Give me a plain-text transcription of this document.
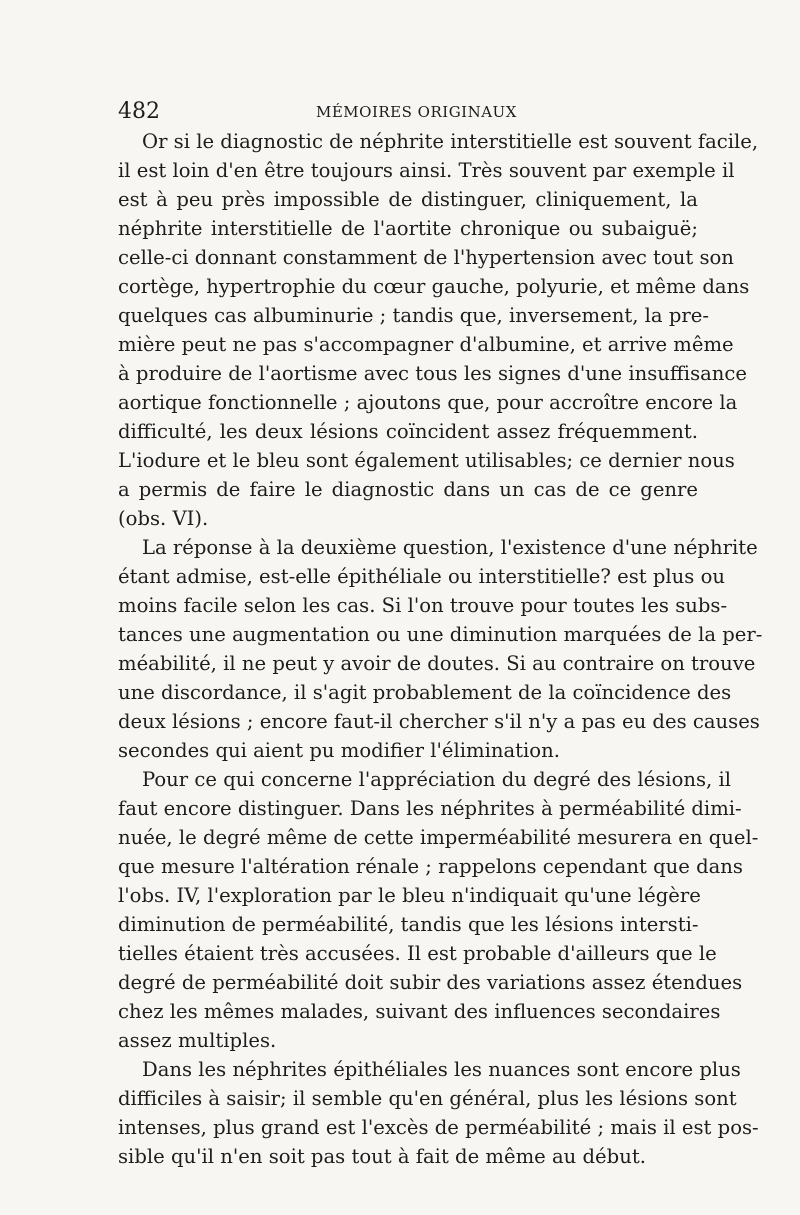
482	MÉMOIRES ORIGINAUX

Or si le diagnostic de néphrite interstitielle est souvent facile,
il est loin d'en être toujours ainsi. Très souvent par exemple il
est à peu près impossible de distinguer, cliniquement, la
néphrite interstitielle de l'aortite chronique ou subaiguë;
celle-ci donnant constamment de l'hypertension avec tout son
cortège, hypertrophie du cœur gauche, polyurie, et même dans
quelques cas albuminurie ; tandis que, inversement, la pre-
mière peut ne pas s'accompagner d'albumine, et arrive même
à produire de l'aortisme avec tous les signes d'une insuffisance
aortique fonctionnelle ; ajoutons que, pour accroître encore la
difficulté, les deux lésions coïncident assez fréquemment.
L'iodure et le bleu sont également utilisables; ce dernier nous
a permis de faire le diagnostic dans un cas de ce genre
(obs. VI).

La réponse à la deuxième question, l'existence d'une néphrite
étant admise, est-elle épithéliale ou interstitielle? est plus ou
moins facile selon les cas. Si l'on trouve pour toutes les subs-
tances une augmentation ou une diminution marquées de la per-
méabilité, il ne peut y avoir de doutes. Si au contraire on trouve
une discordance, il s'agit probablement de la coïncidence des
deux lésions ; encore faut-il chercher s'il n'y a pas eu des causes
secondes qui aient pu modifier l'élimination.

Pour ce qui concerne l'appréciation du degré des lésions, il
faut encore distinguer. Dans les néphrites à perméabilité dimi-
nuée, le degré même de cette imperméabilité mesurera en quel-
que mesure l'altération rénale ; rappelons cependant que dans
l'obs. IV, l'exploration par le bleu n'indiquait qu'une légère
diminution de perméabilité, tandis que les lésions intersti-
tielles étaient très accusées. Il est probable d'ailleurs que le
degré de perméabilité doit subir des variations assez étendues
chez les mêmes malades, suivant des influences secondaires
assez multiples.

Dans les néphrites épithéliales les nuances sont encore plus
difficiles à saisir; il semble qu'en général, plus les lésions sont
intenses, plus grand est l'excès de perméabilité ; mais il est pos-
sible qu'il n'en soit pas tout à fait de même au début.
